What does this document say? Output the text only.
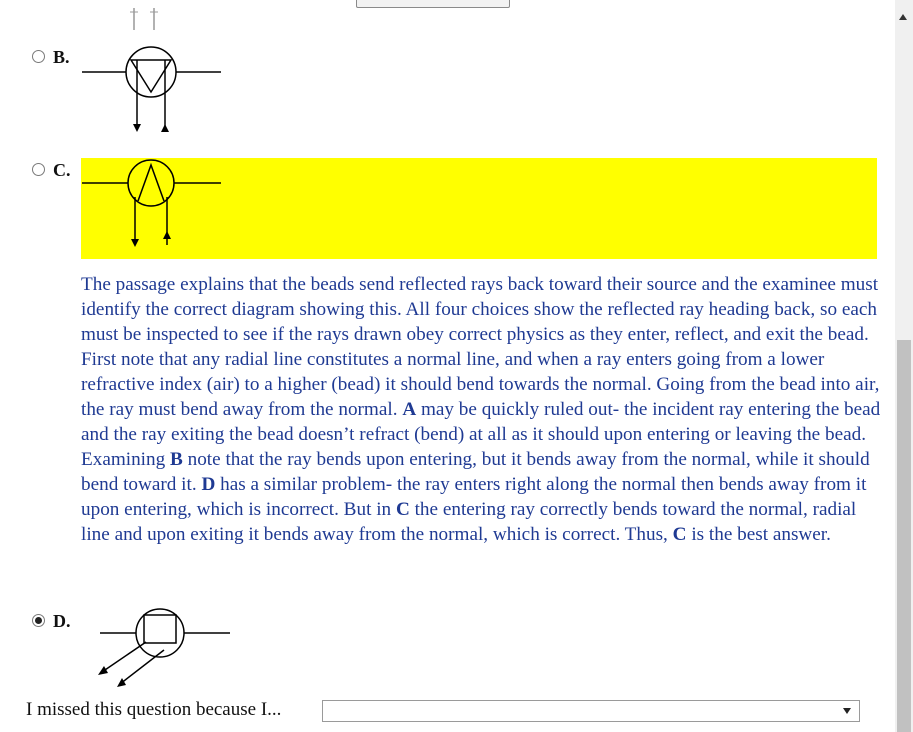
B.
C.

The passage explains that the beads send reflected rays back toward their source and the examinee must identify the correct diagram showing this. All four choices show the reflected ray heading back, so each must be inspected to see if the rays drawn obey correct physics as they enter, reflect, and exit the bead. First note that any radial line constitutes a normal line, and when a ray enters going from a lower refractive index (air) to a higher (bead) it should bend towards the normal. Going from the bead into air, the ray must bend away from the normal. A may be quickly ruled out- the incident ray entering the bead and the ray exiting the bead doesn’t refract (bend) at all as it should upon entering or leaving the bead. Examining B note that the ray bends upon entering, but it bends away from the normal, while it should bend toward it. D has a similar problem- the ray enters right along the normal then bends away from it upon entering, which is incorrect. But in C the entering ray correctly bends toward the normal, radial line and upon exiting it bends away from the normal, which is correct. Thus, C is the best answer.

D.
I missed this question because I...
